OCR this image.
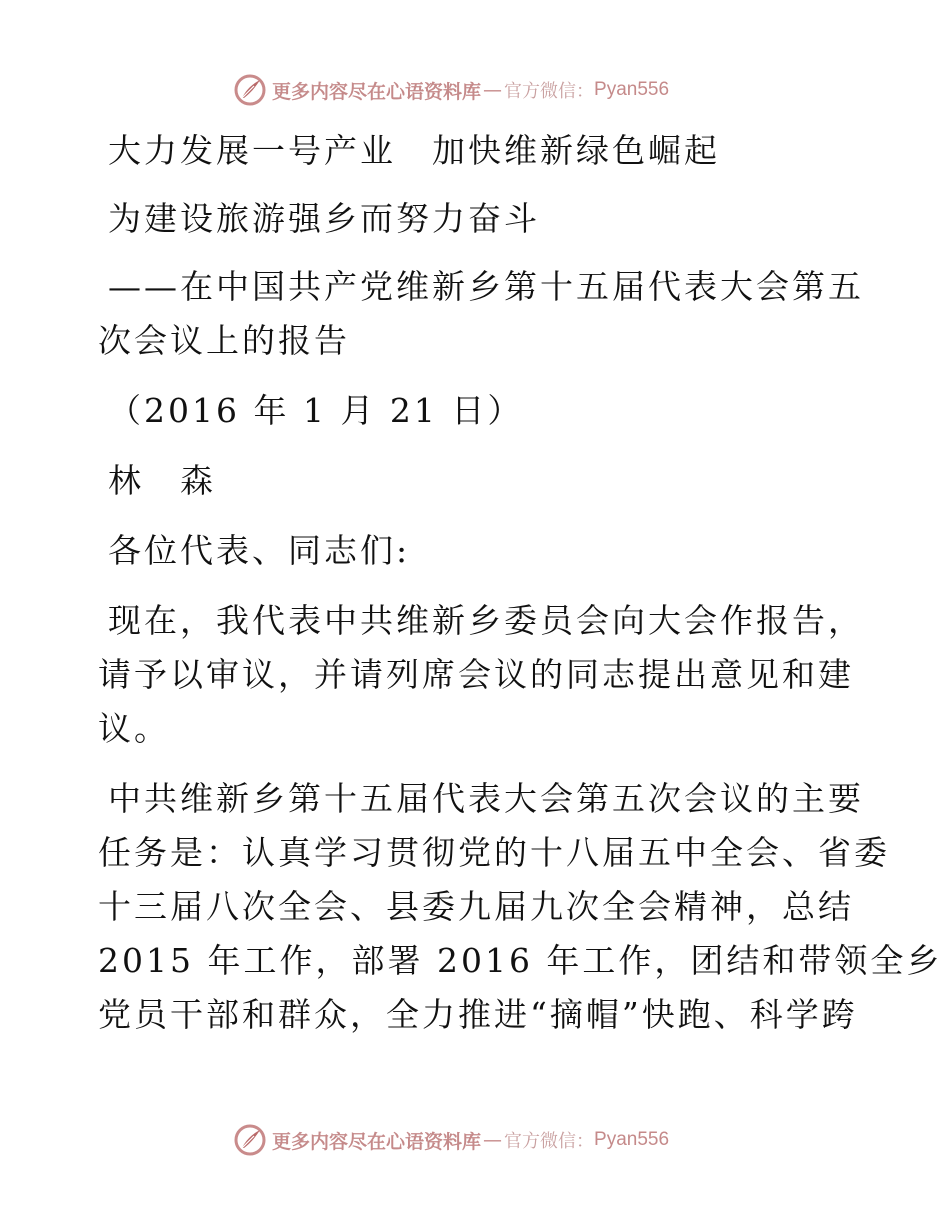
更多内容尽在心语资料库 — 官方微信： Pyan556
大力发展一号产业　加快维新绿色崛起
为建设旅游强乡而努力奋斗
——在中国共产党维新乡第十五届代表大会第五
次会议上的报告
（2016 年 1 月 21 日）
林　森
各位代表、同志们:
现在，我代表中共维新乡委员会向大会作报告，
请予以审议，并请列席会议的同志提出意见和建
议。
中共维新乡第十五届代表大会第五次会议的主要
任务是：认真学习贯彻党的十八届五中全会、省委
十三届八次全会、县委九届九次全会精神，总结
2015 年工作，部署 2016 年工作，团结和带领全乡
党员干部和群众，全力推进“摘帽”快跑、科学跨
更多内容尽在心语资料库 — 官方微信： Pyan556
